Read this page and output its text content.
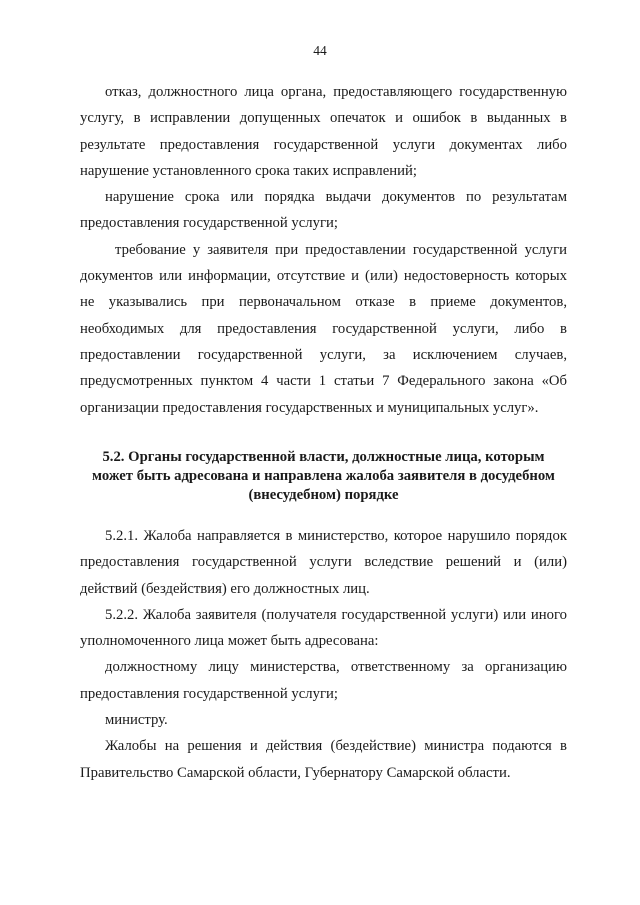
44

отказ, должностного лица органа, предоставляющего государственную услугу, в исправлении допущенных опечаток и ошибок в выданных в результате предоставления государственной услуги документах либо нарушение установленного срока таких исправлений;

нарушение срока или порядка выдачи документов по результатам предоставления государственной услуги;

требование у заявителя при предоставлении государственной услуги документов или информации, отсутствие и (или) недостоверность которых не указывались при первоначальном отказе в приеме документов, необходимых для предоставления государственной услуги, либо в предоставлении государственной услуги, за исключением случаев, предусмотренных пунктом 4 части 1 статьи 7 Федерального закона «Об организации предоставления государственных и муниципальных услуг».

5.2. Органы государственной власти, должностные лица, которым
может быть адресована и направлена жалоба заявителя в досудебном
(внесудебном) порядке

5.2.1. Жалоба направляется в министерство, которое нарушило порядок предоставления государственной услуги вследствие решений и (или) действий (бездействия) его должностных лиц.

5.2.2. Жалоба заявителя (получателя государственной услуги) или иного уполномоченного лица может быть адресована:

должностному лицу министерства, ответственному за организацию предоставления государственной услуги;

министру.

Жалобы на решения и действия (бездействие) министра подаются в Правительство Самарской области, Губернатору Самарской области.
